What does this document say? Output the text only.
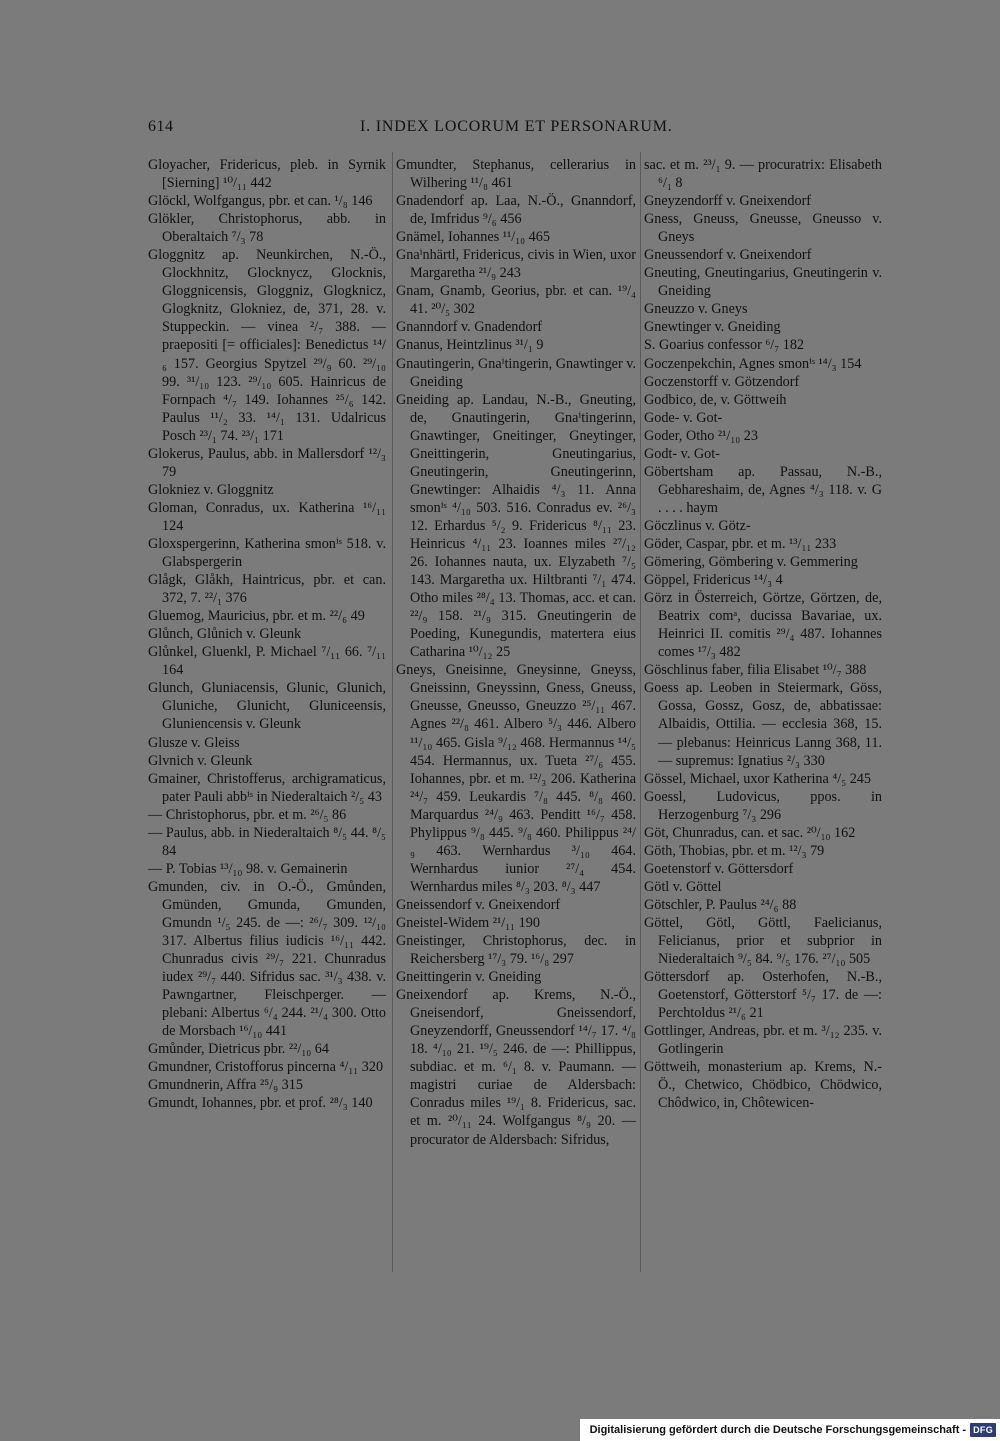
614	I. INDEX LOCORUM ET PERSONARUM.
Gloyacher, Fridericus, pleb. in Syrnik [Sierning] ¹⁰/₁₁ 442
Glöckl, Wolfgangus, pbr. et can. ¹/₈ 146
Glökler, Christophorus, abb. in Oberaltaich ⁷/₃ 78
Gloggnitz ap. Neunkirchen, N.-Ö., Glockhnitz, Glocknycz, Glocknis, Gloggnicensis, Gloggniz, Glogknicz, Glogknitz, Glokniez, de, 371, 28. v. Stuppeckin. — vinea ²/₇ 388. — praepositi [= officiales]: Benedictus ¹⁴/₆ 157. Georgius Spytzel ²⁹/₉ 60. ²⁹/₁₀ 99. ³¹/₁₀ 123. ²⁹/₁₀ 605. Hainricus de Fornpach ⁴/₇ 149. Iohannes ²⁵/₆ 142. Paulus ¹¹/₂ 33. ¹⁴/₁ 131. Udalricus Posch ²³/₁ 74. ²³/₁ 171
Glokerus, Paulus, abb. in Mallersdorf ¹²/₃ 79
Glokniez v. Gloggnitz
Gloman, Conradus, ux. Katherina ¹⁶/₁₁ 124
Gloxspergerinn, Katherina smonⁱˢ 518. v. Glabspergerin
Glågk, Glåkh, Haintricus, pbr. et can. 372, 7. ²²/₁ 376
Gluemog, Mauricius, pbr. et m. ²²/₆ 49
Glůnch, Glůnich v. Gleunk
Glůnkel, Gluenkl, P. Michael ⁷/₁₁ 66. ⁷/₁₁ 164
Glunch, Gluniacensis, Glunic, Glunich, Gluniche, Glunicht, Gluniceensis, Gluniencensis v. Gleunk
Glusze v. Gleiss
Glvnich v. Gleunk
Gmainer, Christofferus, archigramaticus, pater Pauli abbⁱˢ in Niederaltaich ²/₅ 43
— Christophorus, pbr. et m. ²⁶/₅ 86
— Paulus, abb. in Niederaltaich ⁸/₅ 44. ⁸/₅ 84
— P. Tobias ¹³/₁₀ 98. v. Gemainerin
Gmunden, civ. in O.-Ö., Gmůnden, Gmünden, Gmunda, Gmunden, Gmundn ¹/₅ 245. de —: ²⁶/₇ 309. ¹²/₁₀ 317. Albertus filius iudicis ¹⁶/₁₁ 442. Chunradus civis ²⁹/₇ 221. Chunradus iudex ²⁹/₇ 440. Sifridus sac. ³¹/₃ 438. v. Pawngartner, Fleischperger. — plebani: Albertus ⁶/₄ 244. ²¹/₄ 300. Otto de Morsbach ¹⁶/₁₀ 441
Gmůnder, Dietricus pbr. ²²/₁₀ 64
Gmundner, Cristofforus pincerna ⁴/₁₁ 320
Gmundnerin, Affra ²⁵/₉ 315
Gmundt, Iohannes, pbr. et prof. ²⁸/₃ 140
Gmundter, Stephanus, cellerarius in Wilhering ¹¹/₈ 461
Gnadendorf ap. Laa, N.-Ö., Gnanndorf, de, Imfridus ⁹/₆ 456
Gnämel, Iohannes ¹¹/₁₀ 465
Gnaⁱnhärtl, Fridericus, civis in Wien, uxor Margaretha ²¹/₉ 243
Gnam, Gnamb, Georius, pbr. et can. ¹⁹/₄ 41. ²⁰/₅ 302
Gnanndorf v. Gnadendorf
Gnanus, Heintzlinus ³¹/₁ 9
Gnautingerin, Gnaⁱtingerin, Gnawtinger v. Gneiding
Gneiding ap. Landau, N.-B., Gneuting, de, Gnautingerin, Gnaⁱtingerinn, Gnawtinger, Gneitinger, Gneytinger, Gneittingerin, Gneutingarius, Gneutingerin, Gneutingerinn, Gnewtinger: Alhaidis ⁴/₃ 11. Anna smonⁱˢ ⁴/₁₀ 503. 516. Conradus ev. ²⁶/₃ 12. Erhardus ⁵/₂ 9. Fridericus ⁸/₁₁ 23. Heinricus ⁴/₁₁ 23. Ioannes miles ²⁷/₁₂ 26. Iohannes nauta, ux. Elyzabeth ⁷/₅ 143. Margaretha ux. Hiltbranti ⁷/₁ 474. Otho miles ²⁸/₄ 13. Thomas, acc. et can. ²²/₉ 158. ²¹/₉ 315. Gneutingerin de Poeding, Kunegundis, matertera eius Catharina ¹⁰/₁₂ 25
Gneys, Gneisinne, Gneysinne, Gneyss, Gneissinn, Gneyssinn, Gness, Gneuss, Gneusse, Gneusso, Gneuzzo ²⁵/₁₁ 467. Agnes ²²/₈ 461. Albero ⁵/₃ 446. Albero ¹¹/₁₀ 465. Gisla ⁹/₁₂ 468. Hermannus ¹⁴/₅ 454. Hermannus, ux. Tueta ²⁷/₆ 455. Iohannes, pbr. et m. ¹²/₃ 206. Katherina ²⁴/₇ 459. Leukardis ⁷/₈ 445. ⁸/₈ 460. Marquardus ²⁴/₉ 463. Penditt ¹⁶/₇ 458. Phylippus ⁹/₈ 445. ⁹/₈ 460. Philippus ²⁴/₉ 463. Wernhardus ³/₁₀ 464. Wernhardus iunior ²⁷/₄ 454. Wernhardus miles ⁸/₃ 203. ⁸/₃ 447
Gneissendorf v. Gneixendorf
Gneistel-Widem ²¹/₁₁ 190
Gneistinger, Christophorus, dec. in Reichersberg ¹⁷/₃ 79. ¹⁶/₈ 297
Gneittingerin v. Gneiding
Gneixendorf ap. Krems, N.-Ö., Gneisendorf, Gneissendorf, Gneyzendorff, Gneussendorf ¹⁴/₇ 17. ⁴/₈ 18. ⁴/₁₀ 21. ¹⁹/₅ 246. de —: Phillippus, subdiac. et m. ⁶/₁ 8. v. Paumann. — magistri curiae de Aldersbach: Conradus miles ¹⁹/₁ 8. Fridericus, sac. et m. ²⁰/₁₁ 24. Wolfgangus ⁸/₉ 20. — procurator de Aldersbach: Sifridus,
sac. et m. ²³/₁ 9. — procuratrix: Elisabeth ⁶/₁ 8
Gneyzendorff v. Gneixendorf
Gness, Gneuss, Gneusse, Gneusso v. Gneys
Gneussendorf v. Gneixendorf
Gneuting, Gneutingarius, Gneutingerin v. Gneiding
Gneuzzo v. Gneys
Gnewtinger v. Gneiding
S. Goarius confessor ⁶/₇ 182
Goczenpekchin, Agnes smonⁱˢ ¹⁴/₃ 154
Goczenstorff v. Götzendorf
Godbico, de, v. Göttweih
Gode- v. Got-
Goder, Otho ²¹/₁₀ 23
Godt- v. Got-
Göbertsham ap. Passau, N.-B., Gebhareshaim, de, Agnes ⁴/₃ 118. v. G . . . . haym
Göczlinus v. Götz-
Göder, Caspar, pbr. et m. ¹³/₁₁ 233
Gömering, Gömbering v. Gemmering
Göppel, Fridericus ¹⁴/₃ 4
Görz in Österreich, Görtze, Görtzen, de, Beatrix comᵃ, ducissa Bavariae, ux. Heinrici II. comitis ²⁹/₄ 487. Iohannes comes ¹⁷/₃ 482
Göschlinus faber, filia Elisabet ¹⁰/₇ 388
Goess ap. Leoben in Steiermark, Göss, Gossa, Gossz, Gosz, de, abbatissae: Albaidis, Ottilia. — ecclesia 368, 15. — plebanus: Heinricus Lanng 368, 11. — supremus: Ignatius ²/₃ 330
Gössel, Michael, uxor Katherina ⁴/₅ 245
Goessl, Ludovicus, ppos. in Herzogenburg ⁷/₃ 296
Göt, Chunradus, can. et sac. ²⁰/₁₀ 162
Göth, Thobias, pbr. et m. ¹²/₃ 79
Goetenstorf v. Göttersdorf
Götl v. Göttel
Götschler, P. Paulus ²⁴/₆ 88
Göttel, Götl, Göttl, Faelicianus, Felicianus, prior et subprior in Niederaltaich ⁹/₅ 84. ⁹/₅ 176. ²⁷/₁₀ 505
Göttersdorf ap. Osterhofen, N.-B., Goetenstorf, Götterstorf ⁵/₇ 17. de —: Perchtoldus ²¹/₆ 21
Gottlinger, Andreas, pbr. et m. ³/₁₂ 235. v. Gotlingerin
Göttweih, monasterium ap. Krems, N.-Ö., Chetwico, Chödbico, Chödwico, Chôdwico, in, Chôtewicen-
Digitalisierung gefördert durch die Deutsche Forschungsgemeinschaft - DFG
